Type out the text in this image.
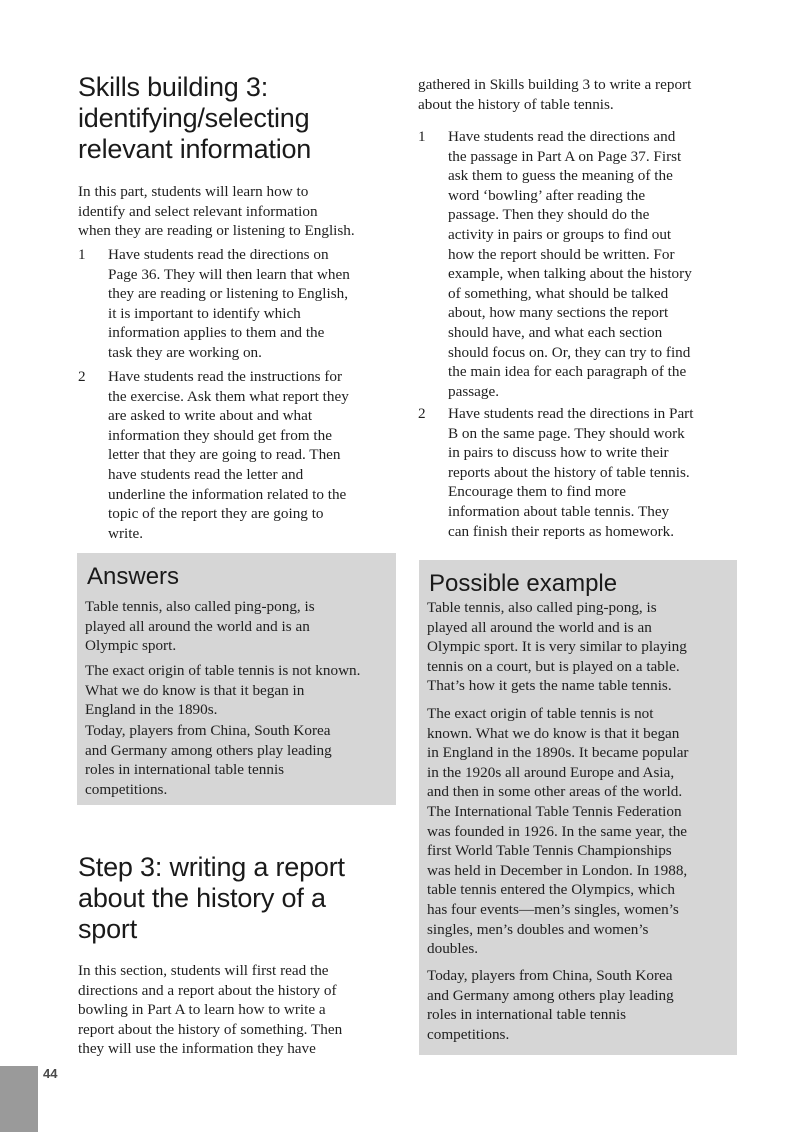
Skills building 3:
identifying/selecting
relevant information

In this part, students will learn how to
identify and select relevant information
when they are reading or listening to English.

1 Have students read the directions on
Page 36. They will then learn that when
they are reading or listening to English,
it is important to identify which
information applies to them and the
task they are working on.
2 Have students read the instructions for
the exercise. Ask them what report they
are asked to write about and what
information they should get from the
letter that they are going to read. Then
have students read the letter and
underline the information related to the
topic of the report they are going to
write.
Step 3: writing a report
about the history of a
sport

In this section, students will first read the
directions and a report about the history of
bowling in Part A to learn how to write a
report about the history of something. Then
they will use the information they have

Answers

Table tennis, also called ping-pong, is
played all around the world and is an
Olympic sport.

The exact origin of table tennis is not known.
What we do know is that it began in
England in the 1890s.

Today, players from China, South Korea
and Germany among others play leading
roles in international table tennis
competitions.

gathered in Skills building 3 to write a report
about the history of table tennis.

1 Have students read the directions and
the passage in Part A on Page 37. First
ask them to guess the meaning of the
word ‘bowling’ after reading the
passage. Then they should do the
activity in pairs or groups to find out
how the report should be written. For
example, when talking about the history
of something, what should be talked
about, how many sections the report
should have, and what each section
should focus on. Or, they can try to find
the main idea for each paragraph of the
passage.
2 Have students read the directions in Part
B on the same page. They should work
in pairs to discuss how to write their
reports about the history of table tennis.
Encourage them to find more
information about table tennis. They
can finish their reports as homework.
Possible example

Table tennis, also called ping-pong, is
played all around the world and is an
Olympic sport. It is very similar to playing
tennis on a court, but is played on a table.
That’s how it gets the name table tennis.

The exact origin of table tennis is not
known. What we do know is that it began
in England in the 1890s. It became popular
in the 1920s all around Europe and Asia,
and then in some other areas of the world.
The International Table Tennis Federation
was founded in 1926. In the same year, the
first World Table Tennis Championships
was held in December in London. In 1988,
table tennis entered the Olympics, which
has four events—men’s singles, women’s
singles, men’s doubles and women’s
doubles.

Today, players from China, South Korea
and Germany among others play leading
roles in international table tennis
competitions.

44
